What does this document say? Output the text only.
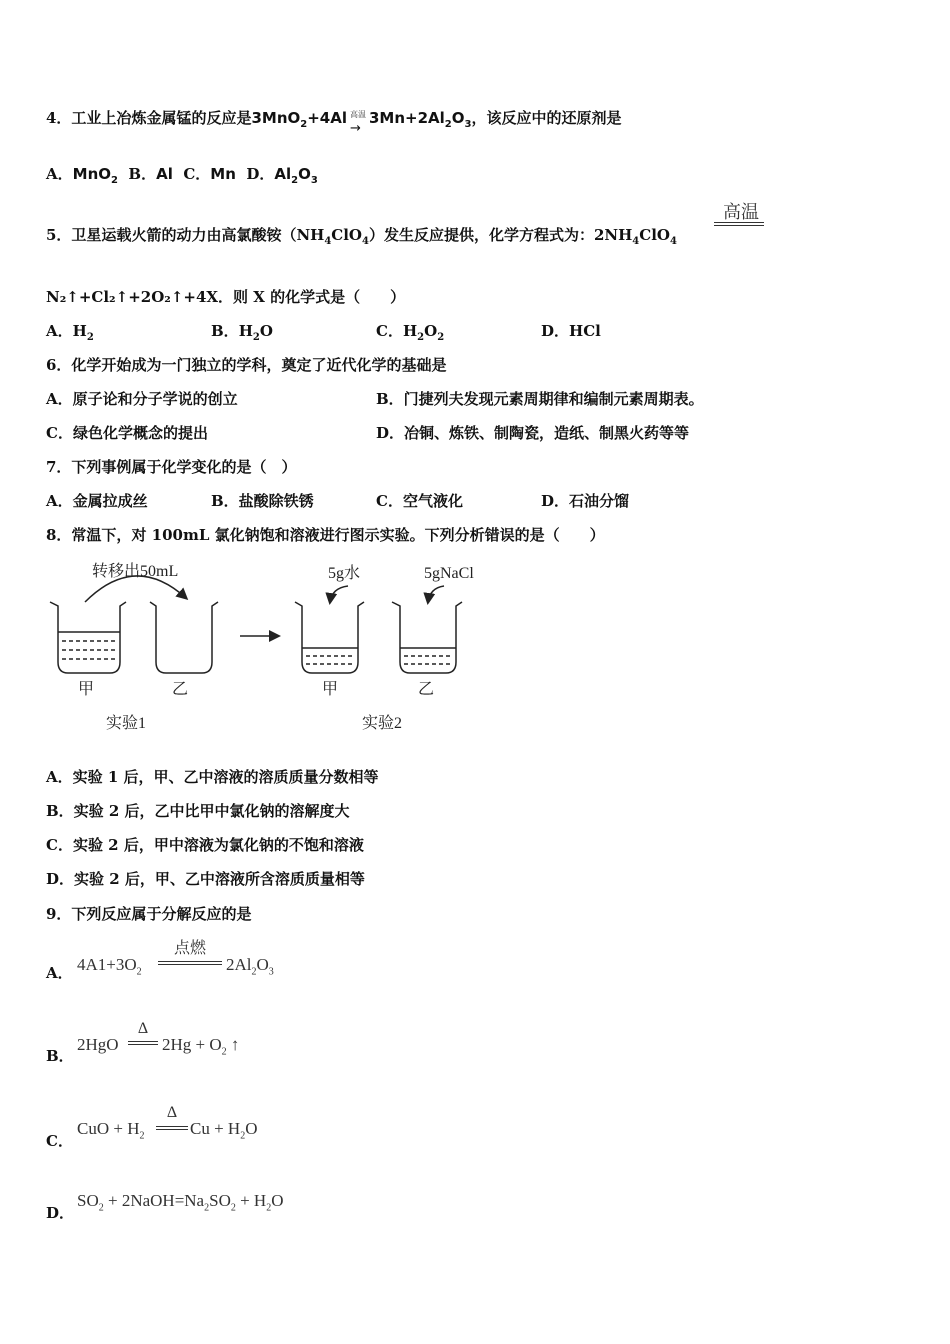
4．工业上冶炼金属锰的反应是3MnO$_2$+4Al 高温
→
$3Mn+2Al_2O_3$，该反应中的还原剂是
A．MnO$_2$ B．Al C．Mn D．$Al_2O_3$
5．卫星运载火箭的动力由高氯酸铵$(NH_4ClO_4)$发生反应提供，化学方程式为：$2NH_4ClO_4$
高温
N₂↑+Cl₂↑+2O₂↑+4X．则 X 的化学式是（　　）
A．$H_2$	B．$H_2O$	C．$H_2O_2$	D．HCl
6．化学开始成为一门独立的学科，奠定了近代化学的基础是
A．原子论和分子学说的创立	B．门捷列夫发现元素周期律和编制元素周期表。
C．绿色化学概念的提出	D．冶铜、炼铁、制陶瓷，造纸、制黑火药等等
7．下列事例属于化学变化的是（　）
A．金属拉成丝	B．盐酸除铁锈	C．空气液化	D．石油分馏
8．常温下，对 100mL 氯化钠饱和溶液进行图示实验。下列分析错误的是（　　）
转移出50mL	5g水	5gNaCl
甲	乙	甲	乙
实验1	实验2
A．实验 1 后，甲、乙中溶液的溶质质量分数相等
B．实验 2 后，乙中比甲中氯化钠的溶解度大
C．实验 2 后，甲中溶液为氯化钠的不饱和溶液
D．实验 2 后，甲、乙中溶液所含溶质质量相等
9．下列反应属于分解反应的是
A． $4A1+3O_2$
点燃
$2Al_2O_3$
B．
2HgO
Δ
$2Hg + O_2$ ↑
C．
CuO + $H_2$
Δ
$Cu + H_2O$
D．
$SO_2$ + $2NaOH=Na_2SO_2 + H_2O$
